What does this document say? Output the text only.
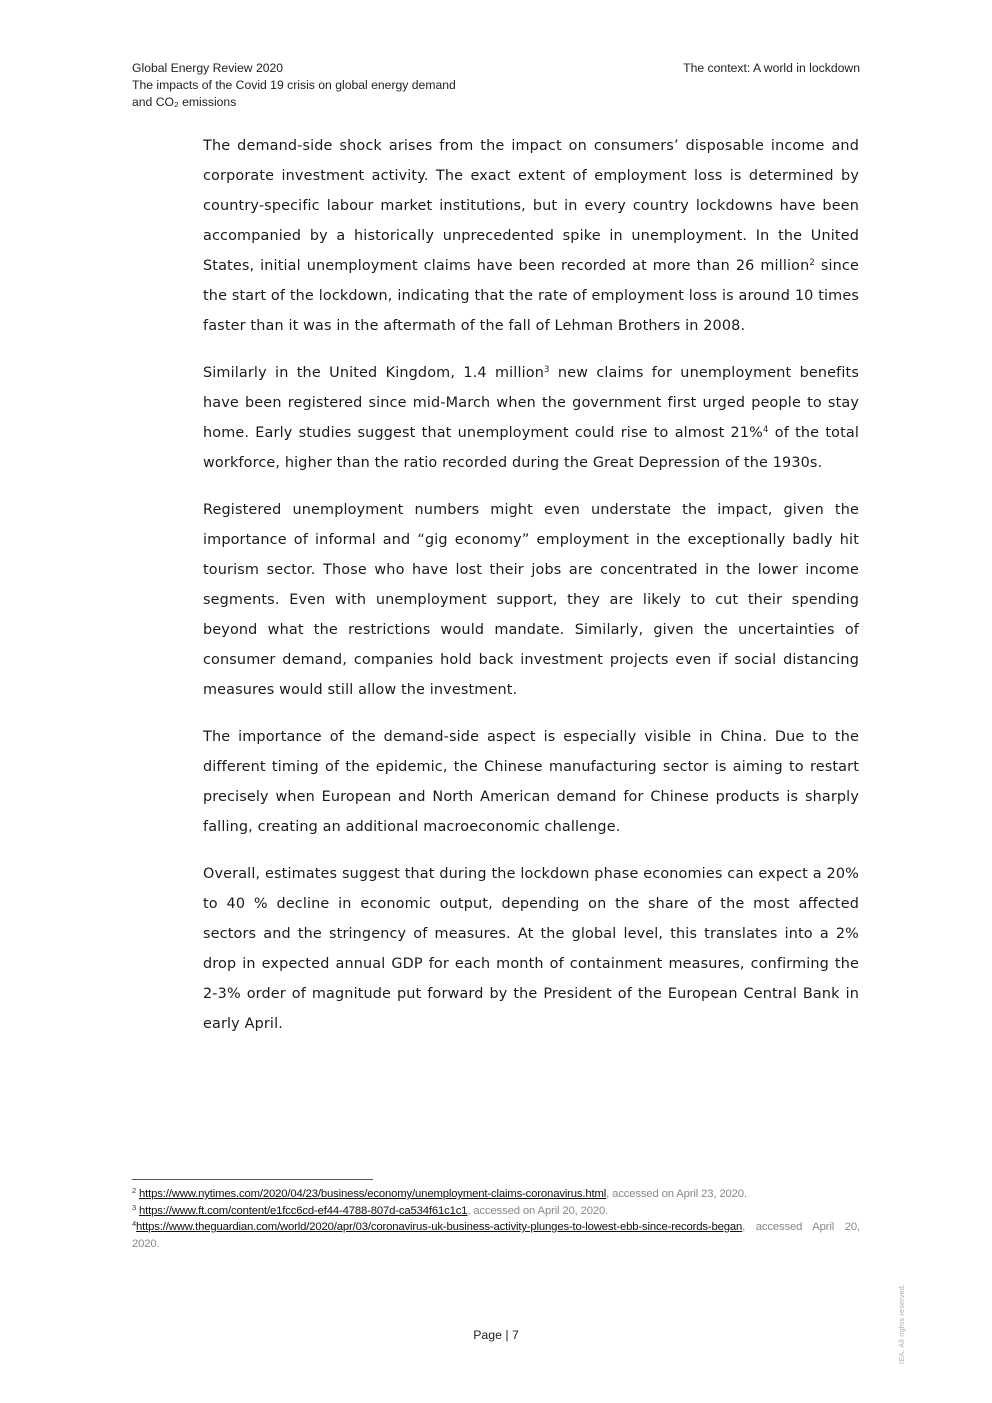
Global Energy Review 2020
The impacts of the Covid 19 crisis on global energy demand
and CO₂ emissions
The context: A world in lockdown

The demand-side shock arises from the impact on consumers’ disposable income and corporate investment activity. The exact extent of employment loss is determined by country-specific labour market institutions, but in every country lockdowns have been accompanied by a historically unprecedented spike in unemployment. In the United States, initial unemployment claims have been recorded at more than 26 million$^2$ since the start of the lockdown, indicating that the rate of employment loss is around 10 times faster than it was in the aftermath of the fall of Lehman Brothers in 2008.

Similarly in the United Kingdom, 1.4 million$^3$ new claims for unemployment benefits have been registered since mid-March when the government first urged people to stay home. Early studies suggest that unemployment could rise to almost 21%$^4$ of the total workforce, higher than the ratio recorded during the Great Depression of the 1930s.

Registered unemployment numbers might even understate the impact, given the importance of informal and “gig economy” employment in the exceptionally badly hit tourism sector. Those who have lost their jobs are concentrated in the lower income segments. Even with unemployment support, they are likely to cut their spending beyond what the restrictions would mandate. Similarly, given the uncertainties of consumer demand, companies hold back investment projects even if social distancing measures would still allow the investment.

The importance of the demand-side aspect is especially visible in China. Due to the different timing of the epidemic, the Chinese manufacturing sector is aiming to restart precisely when European and North American demand for Chinese products is sharply falling, creating an additional macroeconomic challenge.

Overall, estimates suggest that during the lockdown phase economies can expect a 20% to 40 % decline in economic output, depending on the share of the most affected sectors and the stringency of measures. At the global level, this translates into a 2% drop in expected annual GDP for each month of containment measures, confirming the 2-3% order of magnitude put forward by the President of the European Central Bank in early April.

$^2$ https://www.nytimes.com/2020/04/23/business/economy/unemployment-claims-coronavirus.html, accessed on April 23, 2020.

$^3$ https://www.ft.com/content/e1fcc6cd-ef44-4788-807d-ca534f61c1c1, accessed on April 20, 2020.

$^4$https://www.theguardian.com/world/2020/apr/03/coronavirus-uk-business-activity-plunges-to-lowest-ebb-since-records-began, accessed April 20, 2020.

Page | 7	IEA. All rights reserved.
